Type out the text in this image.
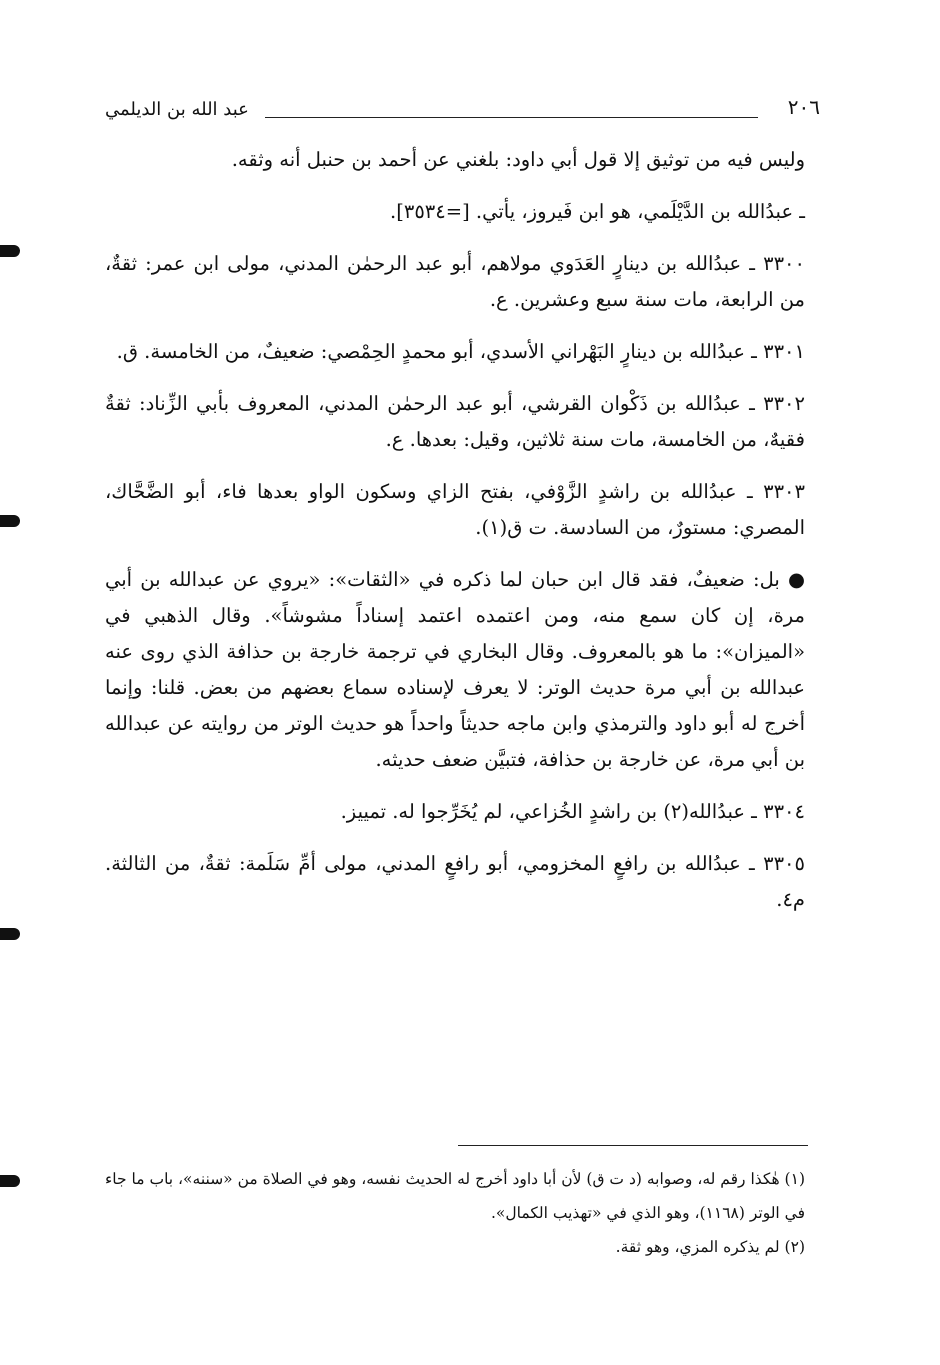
٢٠٦
عبد الله بن الديلمي

وليس فيه من توثيق إلا قول أبي داود: بلغني عن أحمد بن حنبل أنه وثقه.

ـ عبدُالله بن الدَّيْلَمي، هو ابن فَيروز، يأتي. [=٣٥٣٤].

٣٣٠٠ ـ عبدُالله بن دينارٍ العَدَوي مولاهم، أبو عبد الرحمٰن المدني، مولى ابن عمر: ثقةٌ، من الرابعة، مات سنة سبع وعشرين. ع.

٣٣٠١ ـ عبدُالله بن دينارٍ البَهْراني الأسدي، أبو محمدٍ الحِمْصي: ضعيفٌ، من الخامسة. ق.

٣٣٠٢ ـ عبدُالله بن ذَكْوان القرشي، أبو عبد الرحمٰن المدني، المعروف بأبي الزِّناد: ثقةٌ فقيهٌ، من الخامسة، مات سنة ثلاثين، وقيل: بعدها. ع.

٣٣٠٣ ـ عبدُالله بن راشدٍ الزَّوْفي، بفتح الزاي وسكون الواو بعدها فاء، أبو الضَّحَّاك، المصري: مستورٌ، من السادسة. ت ق(١).

● بل: ضعيفٌ، فقد قال ابن حبان لما ذكره في «الثقات»: «يروي عن عبدالله بن أبي مرة، إن كان سمع منه، ومن اعتمده اعتمد إسناداً مشوشاً». وقال الذهبي في «الميزان»: ما هو بالمعروف. وقال البخاري في ترجمة خارجة بن حذافة الذي روى عنه عبدالله بن أبي مرة حديث الوتر: لا يعرف لإسناده سماع بعضهم من بعض. قلنا: وإنما أخرج له أبو داود والترمذي وابن ماجه حديثاً واحداً هو حديث الوتر من روايته عن عبدالله بن أبي مرة، عن خارجة بن حذافة، فتبيَّن ضعف حديثه.

٣٣٠٤ ـ عبدُالله(٢) بن راشدٍ الخُزاعي، لم يُخَرِّجوا له. تمييز.

٣٣٠٥ ـ عبدُالله بن رافعٍ المخزومي، أبو رافعٍ المدني، مولى أمِّ سَلَمة: ثقةٌ، من الثالثة. م٤.

(١) هٰكذا رقم له، وصوابه (د ت ق) لأن أبا داود أخرج له الحديث نفسه، وهو في الصلاة من «سننه»، باب ما جاء في الوتر (١١٦٨)، وهو الذي في «تهذيب الكمال».

(٢) لم يذكره المزي، وهو ثقة.
